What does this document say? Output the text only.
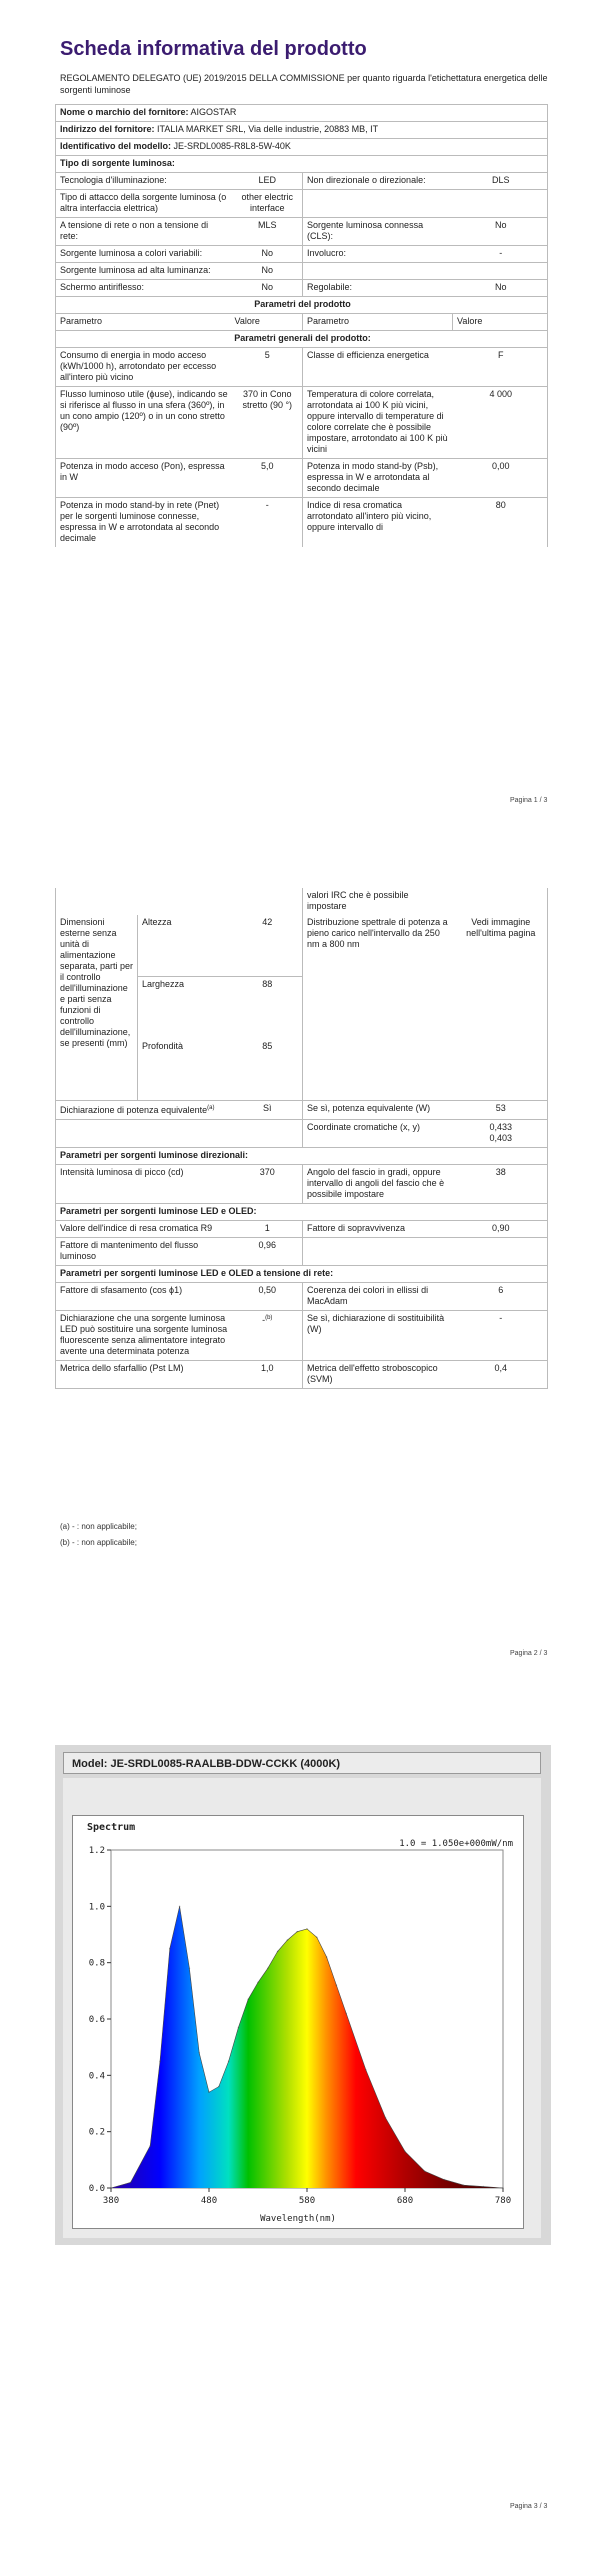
Scheda informativa del prodotto
REGOLAMENTO DELEGATO (UE) 2019/2015 DELLA COMMISSIONE per quanto riguarda l'etichettatura energetica delle sorgenti luminose
Nome o marchio del fornitore: AIGOSTAR			
Indirizzo del fornitore: ITALIA MARKET SRL, Via delle industrie, 20883 MB, IT			
Identificativo del modello: JE-SRDL0085-R8L8-5W-40K			
Tipo di sorgente luminosa:			
Tecnologia d'illuminazione:	LED	Non direzionale o direzionale:	DLS
Tipo di attacco della sorgente luminosa (o altra interfaccia elettrica)	other electric interface		
A tensione di rete o non a tensione di rete:	MLS	Sorgente luminosa connessa (CLS):	No
Sorgente luminosa a colori variabili:	No	Involucro:	-
Sorgente luminosa ad alta luminanza:	No		
Schermo antiriflesso:	No	Regolabile:	No
Parametri del prodotto			
Parametro	Valore	Parametro	Valore
Parametri generali del prodotto:			
Consumo di energia in modo acceso (kWh/1000 h), arrotondato per eccesso all'intero più vicino	5	Classe di efficienza energetica	F
Flusso luminoso utile (ϕuse), indicando se si riferisce al flusso in una sfera (360º), in un cono ampio (120º) o in un cono stretto (90º)	370 in Cono stretto (90 °)	Temperatura di colore correlata, arrotondata ai 100 K più vicini, oppure intervallo di temperature di colore correlate che è possibile impostare, arrotondato ai 100 K più vicini	4 000
Potenza in modo acceso (Pon), espressa in W	5,0	Potenza in modo stand-by (Psb), espressa in W e arrotondata al secondo decimale	0,00
Potenza in modo stand-by in rete (Pnet) per le sorgenti luminose connesse, espressa in W e arrotondata al secondo decimale	-	Indice di resa cromatica arrotondato all'intero più vicino, oppure intervallo di	80
Pagina 1 / 3
			valori IRC che è possibile impostare	
Dimensioni esterne senza unità di alimentazione separata, parti per il controllo dell'illuminazione e parti senza funzioni di controllo dell'illuminazione, se presenti (mm)	Altezza	42	Distribuzione spettrale di potenza a pieno carico nell'intervallo da 250 nm a 800 nm	Vedi immagine nell'ultima pagina
	Larghezza	88		
	Profondità	85		
Dichiarazione di potenza equivalente$^{(a)}$		Sì	Se sì, potenza equivalente (W)	53
			Coordinate cromatiche (x, y)	0,433
0,403
Parametri per sorgenti luminose direzionali:				
Intensità luminosa di picco (cd)		370	Angolo del fascio in gradi, oppure intervallo di angoli del fascio che è possibile impostare	38
Parametri per sorgenti luminose LED e OLED:				
Valore dell'indice di resa cromatica R9		1	Fattore di sopravvivenza	0,90
Fattore di mantenimento del flusso luminoso		0,96		
Parametri per sorgenti luminose LED e OLED a tensione di rete:				
Fattore di sfasamento (cos ϕ1)		0,50	Coerenza dei colori in ellissi di MacAdam	6
Dichiarazione che una sorgente luminosa LED può sostituire una sorgente luminosa fluorescente senza alimentatore integrato avente una determinata potenza		-$^{(b)}$	Se sì, dichiarazione di sostituibilità (W)	-
Metrica dello sfarfallio (Pst LM)		1,0	Metrica dell'effetto stroboscopico (SVM)	0,4
(a) - : non applicabile;
(b) - : non applicabile;
Pagina 2 / 3
Model: JE-SRDL0085-RAALBB-DDW-CCKK (4000K)
Spectrum
1.0 = 1.050e+000mW/nm
Wavelength(nm)
0.0
0.2
0.4
0.6
0.8
1.0
1.2
380	480	580	680	780
Pagina 3 / 3
